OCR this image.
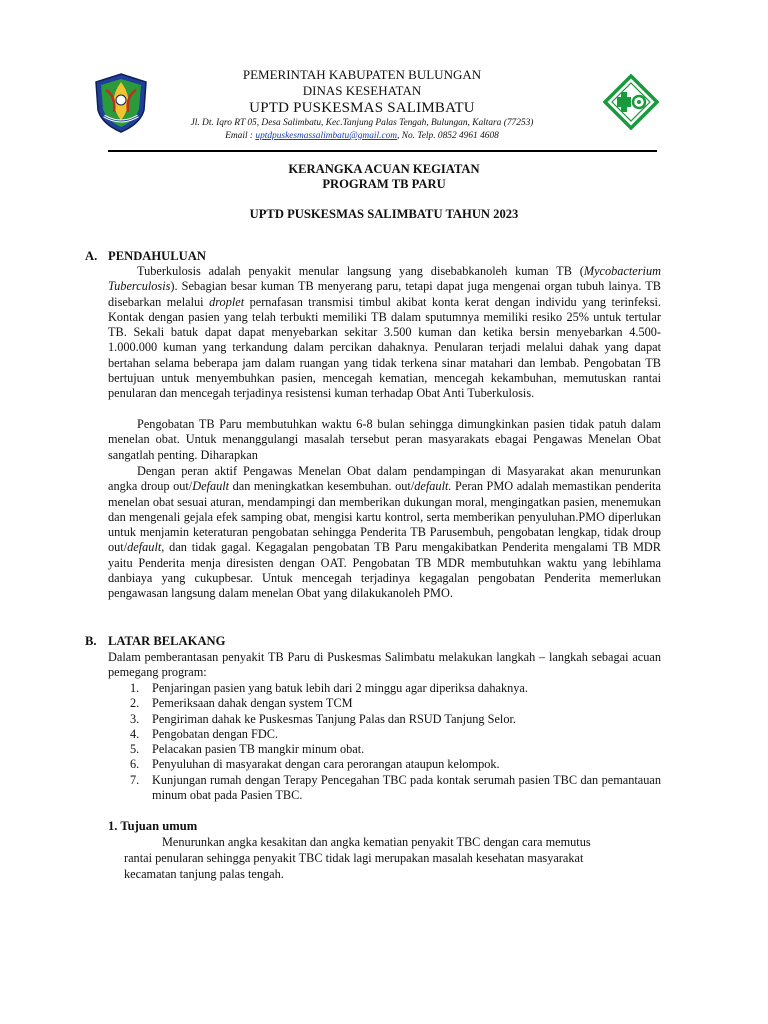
PEMERINTAH KABUPATEN BULUNGAN
DINAS KESEHATAN
UPTD PUSKESMAS SALIMBATU
Jl. Dt. Iqro RT 05, Desa Salimbatu, Kec.Tanjung Palas Tengah, Bulungan, Kaltara (77253)
Email : uptdpuskesmassalimbatu@gmail.com, No. Telp. 0852 4961 4608
KERANGKA ACUAN KEGIATAN
PROGRAM TB PARU
UPTD PUSKESMAS SALIMBATU TAHUN 2023
A. PENDAHULUAN
Tuberkulosis adalah penyakit menular langsung yang disebabkanoleh kuman TB (Mycobacterium Tuberculosis). Sebagian besar kuman TB menyerang paru, tetapi dapat juga mengenai organ tubuh lainya. TB disebarkan melalui droplet pernafasan transmisi timbul akibat konta kerat dengan individu yang terinfeksi. Kontak dengan pasien yang telah terbukti memiliki TB dalam sputumnya memiliki resiko 25% untuk tertular TB. Sekali batuk dapat dapat menyebarkan sekitar 3.500 kuman dan ketika bersin menyebarkan 4.500-1.000.000 kuman yang terkandung dalam percikan dahaknya. Penularan terjadi melalui dahak yang dapat bertahan selama beberapa jam dalam ruangan yang tidak terkena sinar matahari dan lembab. Pengobatan TB bertujuan untuk menyembuhkan pasien, mencegah kematian, mencegah kekambuhan, memutuskan rantai penularan dan mencegah terjadinya resistensi kuman terhadap Obat Anti Tuberkulosis.
Pengobatan TB Paru membutuhkan waktu 6-8 bulan sehingga dimungkinkan pasien tidak patuh dalam menelan obat. Untuk menanggulangi masalah tersebut peran masyarakats ebagai Pengawas Menelan Obat sangatlah penting. Diharapkan
Dengan peran aktif Pengawas Menelan Obat dalam pendampingan di Masyarakat akan menurunkan angka droup out/Default dan meningkatkan kesembuhan. out/default. Peran PMO adalah memastikan penderita menelan obat sesuai aturan, mendampingi dan memberikan dukungan moral, mengingatkan pasien, menemukan dan mengenali gejala efek samping obat, mengisi kartu kontrol, serta memberikan penyuluhan.PMO diperlukan untuk menjamin keteraturan pengobatan sehingga Penderita TB Parusembuh, pengobatan lengkap, tidak droup out/default, dan tidak gagal. Kegagalan pengobatan TB Paru mengakibatkan Penderita mengalami TB MDR yaitu Penderita menja diresisten dengan OAT. Pengobatan TB MDR membutuhkan waktu yang lebihlama danbiaya yang cukupbesar. Untuk mencegah terjadinya kegagalan pengobatan Penderita memerlukan pengawasan langsung dalam menelan Obat yang dilakukanoleh PMO.
B. LATAR BELAKANG
Dalam pemberantasan penyakit TB Paru di Puskesmas Salimbatu melakukan langkah – langkah sebagai acuan pemegang program:
1. Penjaringan pasien yang batuk lebih dari 2 minggu agar diperiksa dahaknya.
2. Pemeriksaan dahak dengan system TCM
3. Pengiriman dahak ke Puskesmas Tanjung Palas dan RSUD Tanjung Selor.
4. Pengobatan dengan FDC.
5. Pelacakan pasien TB mangkir minum obat.
6. Penyuluhan di masyarakat dengan cara perorangan ataupun kelompok.
7. Kunjungan rumah dengan Terapy Pencegahan TBC pada kontak serumah pasien TBC dan pemantauan minum obat pada Pasien TBC.
1. Tujuan umum
Menurunkan angka kesakitan dan angka kematian penyakit TBC dengan cara memutus
rantai penularan sehingga penyakit TBC tidak lagi merupakan masalah kesehatan masyarakat
kecamatan tanjung palas tengah.
